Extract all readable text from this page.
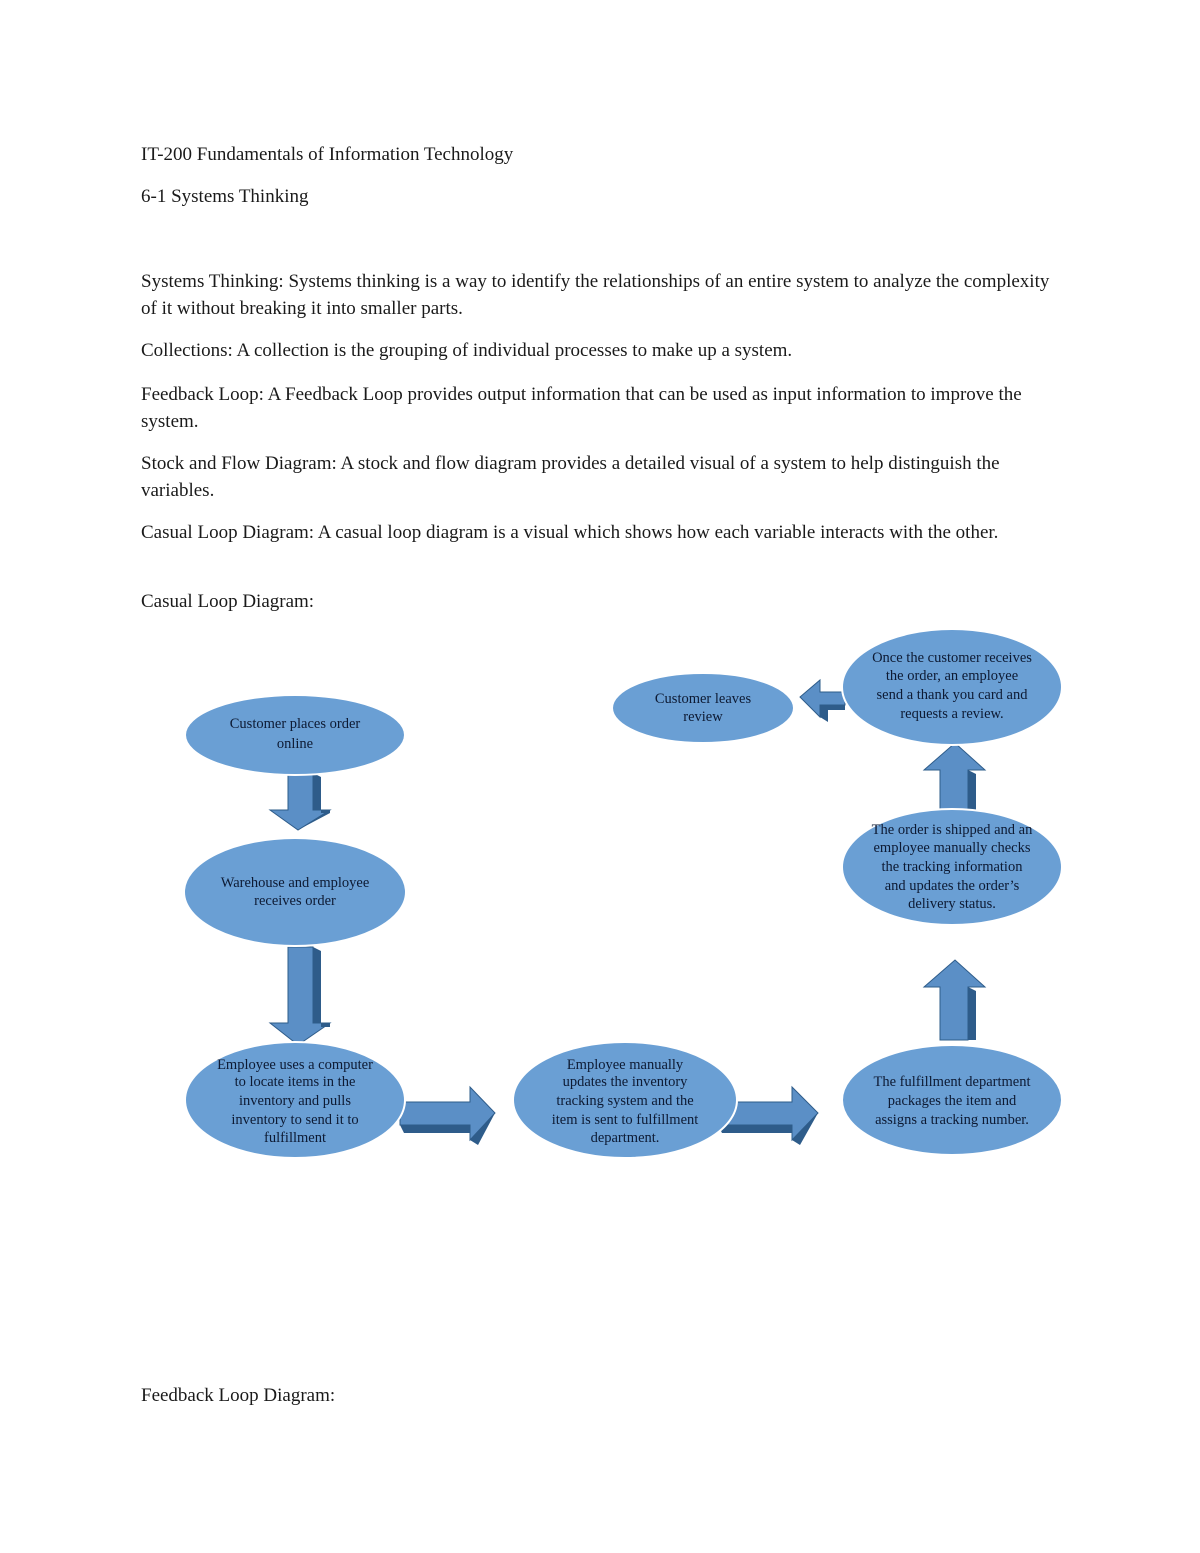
IT-200 Fundamentals of Information Technology
6-1 Systems Thinking
Systems Thinking: Systems thinking is a way to identify the relationships of an entire system to analyze the complexity of it without breaking it into smaller parts.
Collections: A collection is the grouping of individual processes to make up a system.
Feedback Loop: A Feedback Loop provides output information that can be used as input information to improve the system.
Stock and Flow Diagram: A stock and flow diagram provides a detailed visual of a system to help distinguish the variables.
Casual Loop Diagram: A casual loop diagram is a visual which shows how each variable interacts with the other.
Casual Loop Diagram:
Customer places order
online
Warehouse and employee
receives order
Employee uses a computer
to locate items in the
inventory and pulls
inventory to send it to
fulfillment
Employee manually
updates the inventory
tracking system and the
item is sent to fulfillment
department.
The fulfillment department
packages the item and
assigns a tracking number.
The order is shipped and an
employee manually checks
the tracking information
and updates the order’s
delivery status.
Once the customer receives
the order, an employee
send a thank you card and
requests a review.
Customer leaves
review
Feedback Loop Diagram:
